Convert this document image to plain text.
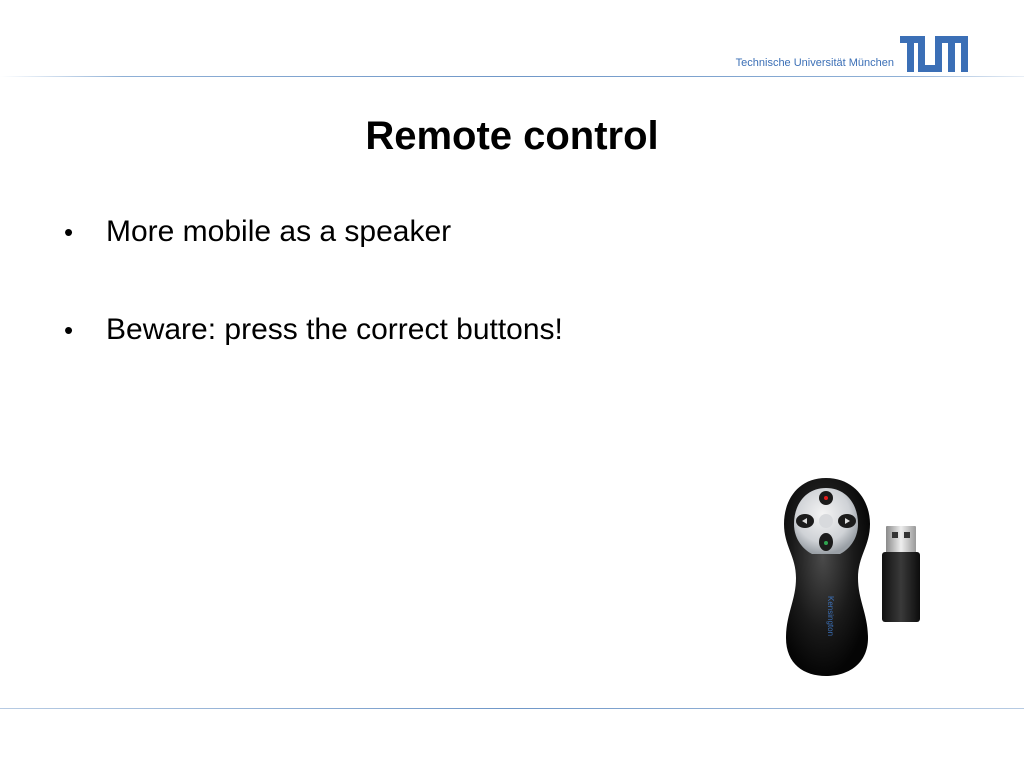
Technische Universität München
Remote control
•	More mobile as a speaker
•	Beware: press the correct buttons!
Kensington
